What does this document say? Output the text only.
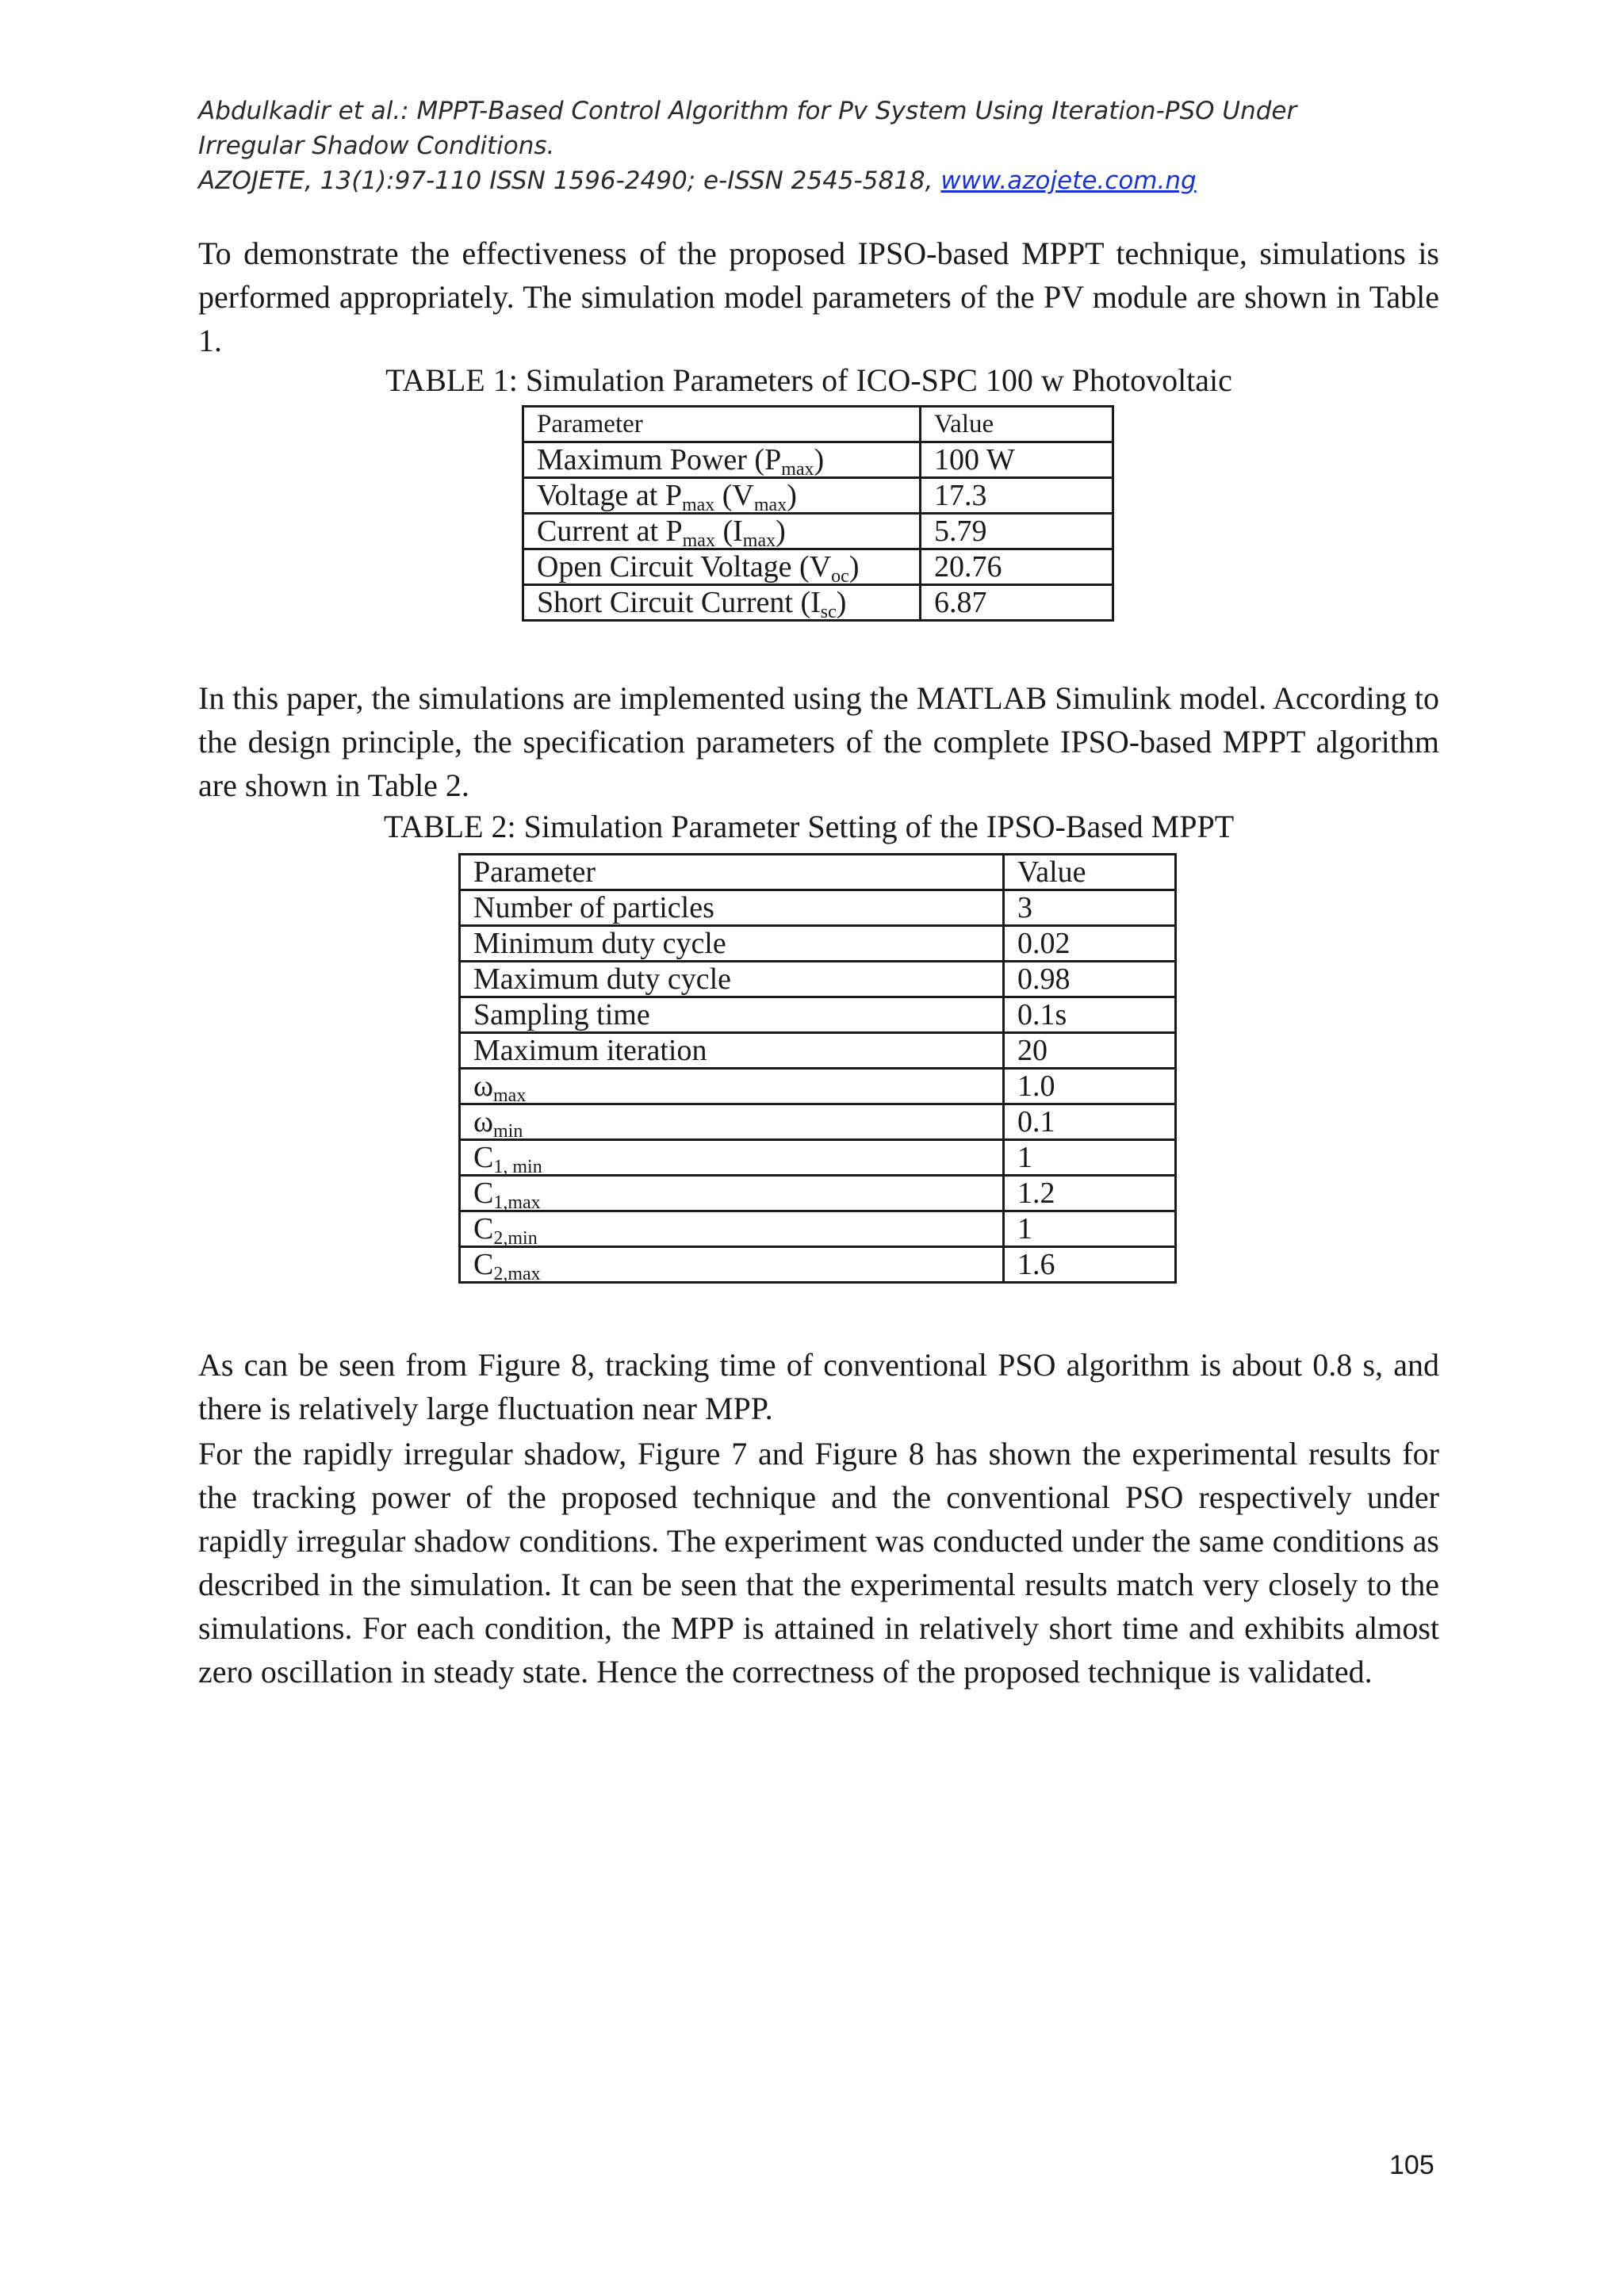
Abdulkadir et al.: MPPT-Based Control Algorithm for Pv System Using Iteration-PSO Under
Irregular Shadow Conditions.
AZOJETE, 13(1):97-110 ISSN 1596-2490; e-ISSN 2545-5818, www.azojete.com.ng
To demonstrate the effectiveness of the proposed IPSO-based MPPT technique, simulations is performed appropriately. The simulation model parameters of the PV module are shown in Table 1.
TABLE 1: Simulation Parameters of ICO-SPC 100 w Photovoltaic
Parameter	Value
Maximum Power $(P_{max})$	100 W
Voltage at $P_{max}$ $(V_{max})$	17.3
Current at $P_{max}$ $(I_{max})$	5.79
Open Circuit Voltage $(V_{oc})$	20.76
Short Circuit Current $(I_{sc})$	6.87
In this paper, the simulations are implemented using the MATLAB Simulink model. According to the design principle, the specification parameters of the complete IPSO-based MPPT algorithm are shown in Table 2.
TABLE 2: Simulation Parameter Setting of the IPSO-Based MPPT
Parameter	Value
Number of particles	3
Minimum duty cycle	0.02
Maximum duty cycle	0.98
Sampling time	0.1s
Maximum iteration	20
$\omega_{max}$	1.0
$\omega_{min}$	0.1
$C_{1, min}$	1
$C_{1,max}$	1.2
$C_{2,min}$	1
$C_{2,max}$	1.6
As can be seen from Figure 8, tracking time of conventional PSO algorithm is about 0.8 s, and there is relatively large fluctuation near MPP.
For the rapidly irregular shadow, Figure 7 and Figure 8 has shown the experimental results for the tracking power of the proposed technique and the conventional PSO respectively under rapidly irregular shadow conditions. The experiment was conducted under the same conditions as described in the simulation. It can be seen that the experimental results match very closely to the simulations. For each condition, the MPP is attained in relatively short time and exhibits almost zero oscillation in steady state. Hence the correctness of the proposed technique is validated.
105
